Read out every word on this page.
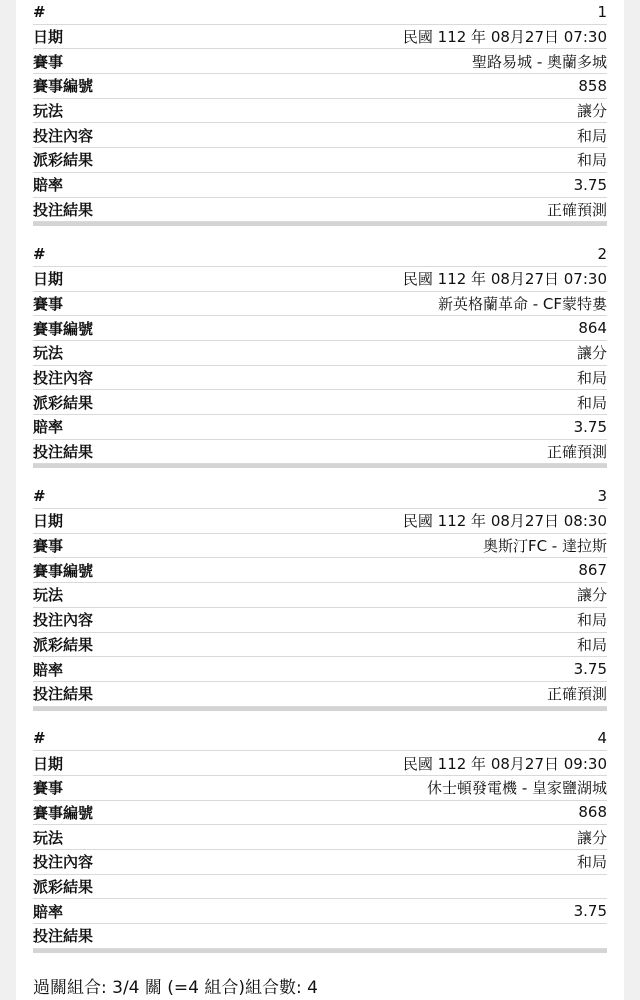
#	1
日期	民國 112 年 08月27日 07:30
賽事	聖路易城 - 奧蘭多城
賽事編號	858
玩法	讓分
投注內容	和局
派彩結果	和局
賠率	3.75
投注結果	正確預測
#	2
日期	民國 112 年 08月27日 07:30
賽事	新英格蘭革命 - CF蒙特婁
賽事編號	864
玩法	讓分
投注內容	和局
派彩結果	和局
賠率	3.75
投注結果	正確預測
#	3
日期	民國 112 年 08月27日 08:30
賽事	奧斯汀FC - 達拉斯
賽事編號	867
玩法	讓分
投注內容	和局
派彩結果	和局
賠率	3.75
投注結果	正確預測
#	4
日期	民國 112 年 08月27日 09:30
賽事	休士頓發電機 - 皇家鹽湖城
賽事編號	868
玩法	讓分
投注內容	和局
派彩結果
賠率	3.75
投注結果
過關組合: 3/4 關 (=4 組合)組合數: 4
